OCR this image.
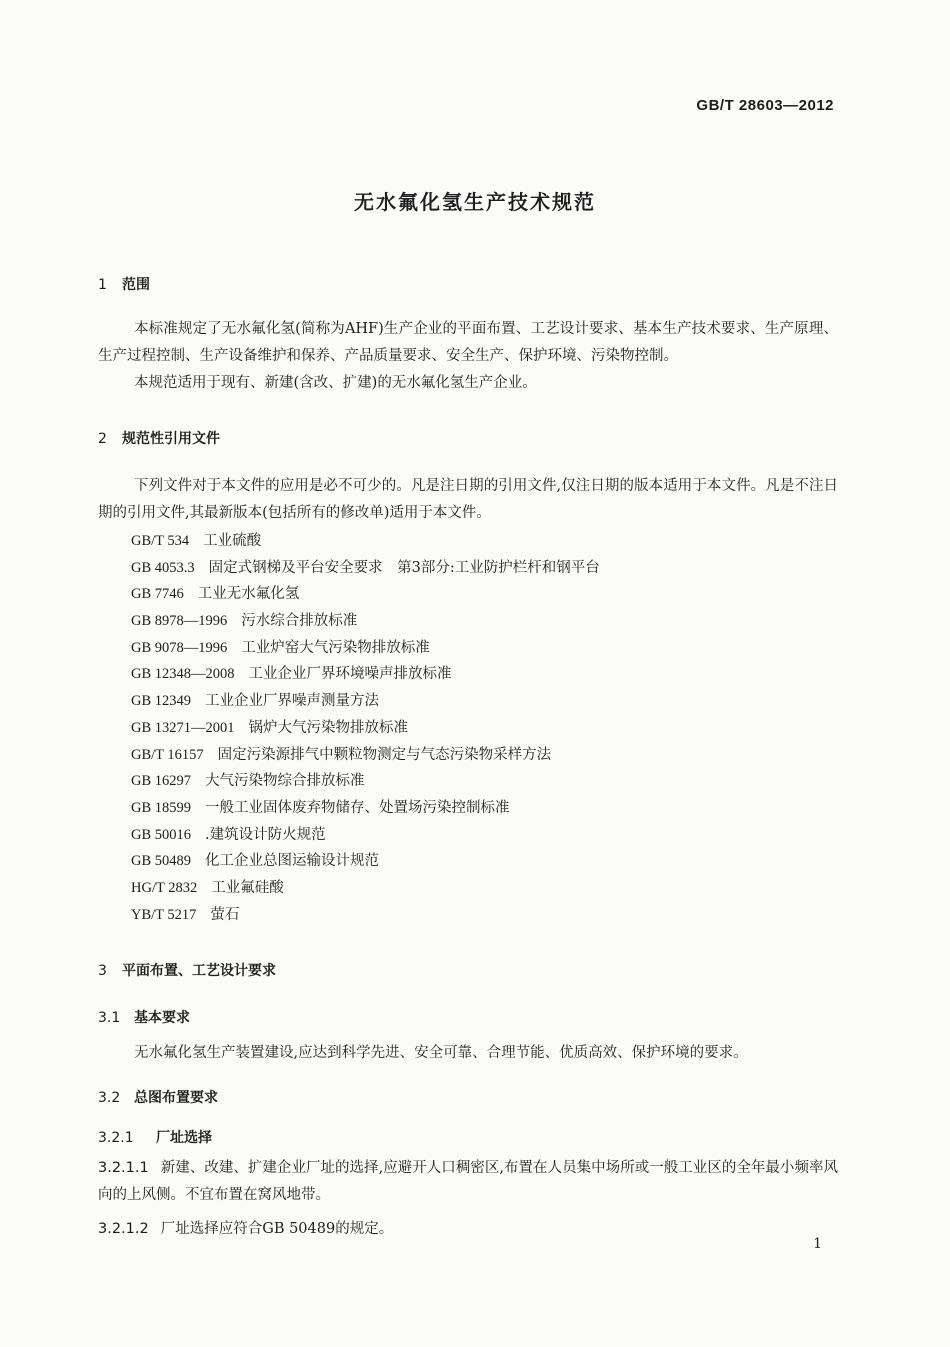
GB/T 28603—2012
无水氟化氢生产技术规范
1 范围

本标准规定了无水氟化氢(简称为AHF)生产企业的平面布置、工艺设计要求、基本生产技术要求、生产原理、生产过程控制、生产设备维护和保养、产品质量要求、安全生产、保护环境、污染物控制。

本规范适用于现有、新建(含改、扩建)的无水氟化氢生产企业。

2 规范性引用文件

下列文件对于本文件的应用是必不可少的。凡是注日期的引用文件,仅注日期的版本适用于本文件。凡是不注日期的引用文件,其最新版本(包括所有的修改单)适用于本文件。

GB/T 534 工业硫酸
GB 4053.3 固定式钢梯及平台安全要求　第3部分:工业防护栏杆和钢平台
GB 7746 工业无水氟化氢
GB 8978—1996 污水综合排放标准
GB 9078—1996 工业炉窑大气污染物排放标准
GB 12348—2008 工业企业厂界环境噪声排放标准
GB 12349 工业企业厂界噪声测量方法
GB 13271—2001 锅炉大气污染物排放标准
GB/T 16157 固定污染源排气中颗粒物测定与气态污染物采样方法
GB 16297 大气污染物综合排放标准
GB 18599 一般工业固体废弃物储存、处置场污染控制标准
GB 50016 .建筑设计防火规范
GB 50489 化工企业总图运输设计规范
HG/T 2832 工业氟硅酸
YB/T 5217 萤石
3 平面布置、工艺设计要求
3.1 基本要求

无水氟化氢生产装置建设,应达到科学先进、安全可靠、合理节能、优质高效、保护环境的要求。

3.2 总图布置要求
3.2.1 厂址选择

3.2.1.1 新建、改建、扩建企业厂址的选择,应避开人口稠密区,布置在人员集中场所或一般工业区的全年最小频率风向的上风侧。不宜布置在窝风地带。

3.2.1.2 厂址选择应符合GB 50489的规定。

1
